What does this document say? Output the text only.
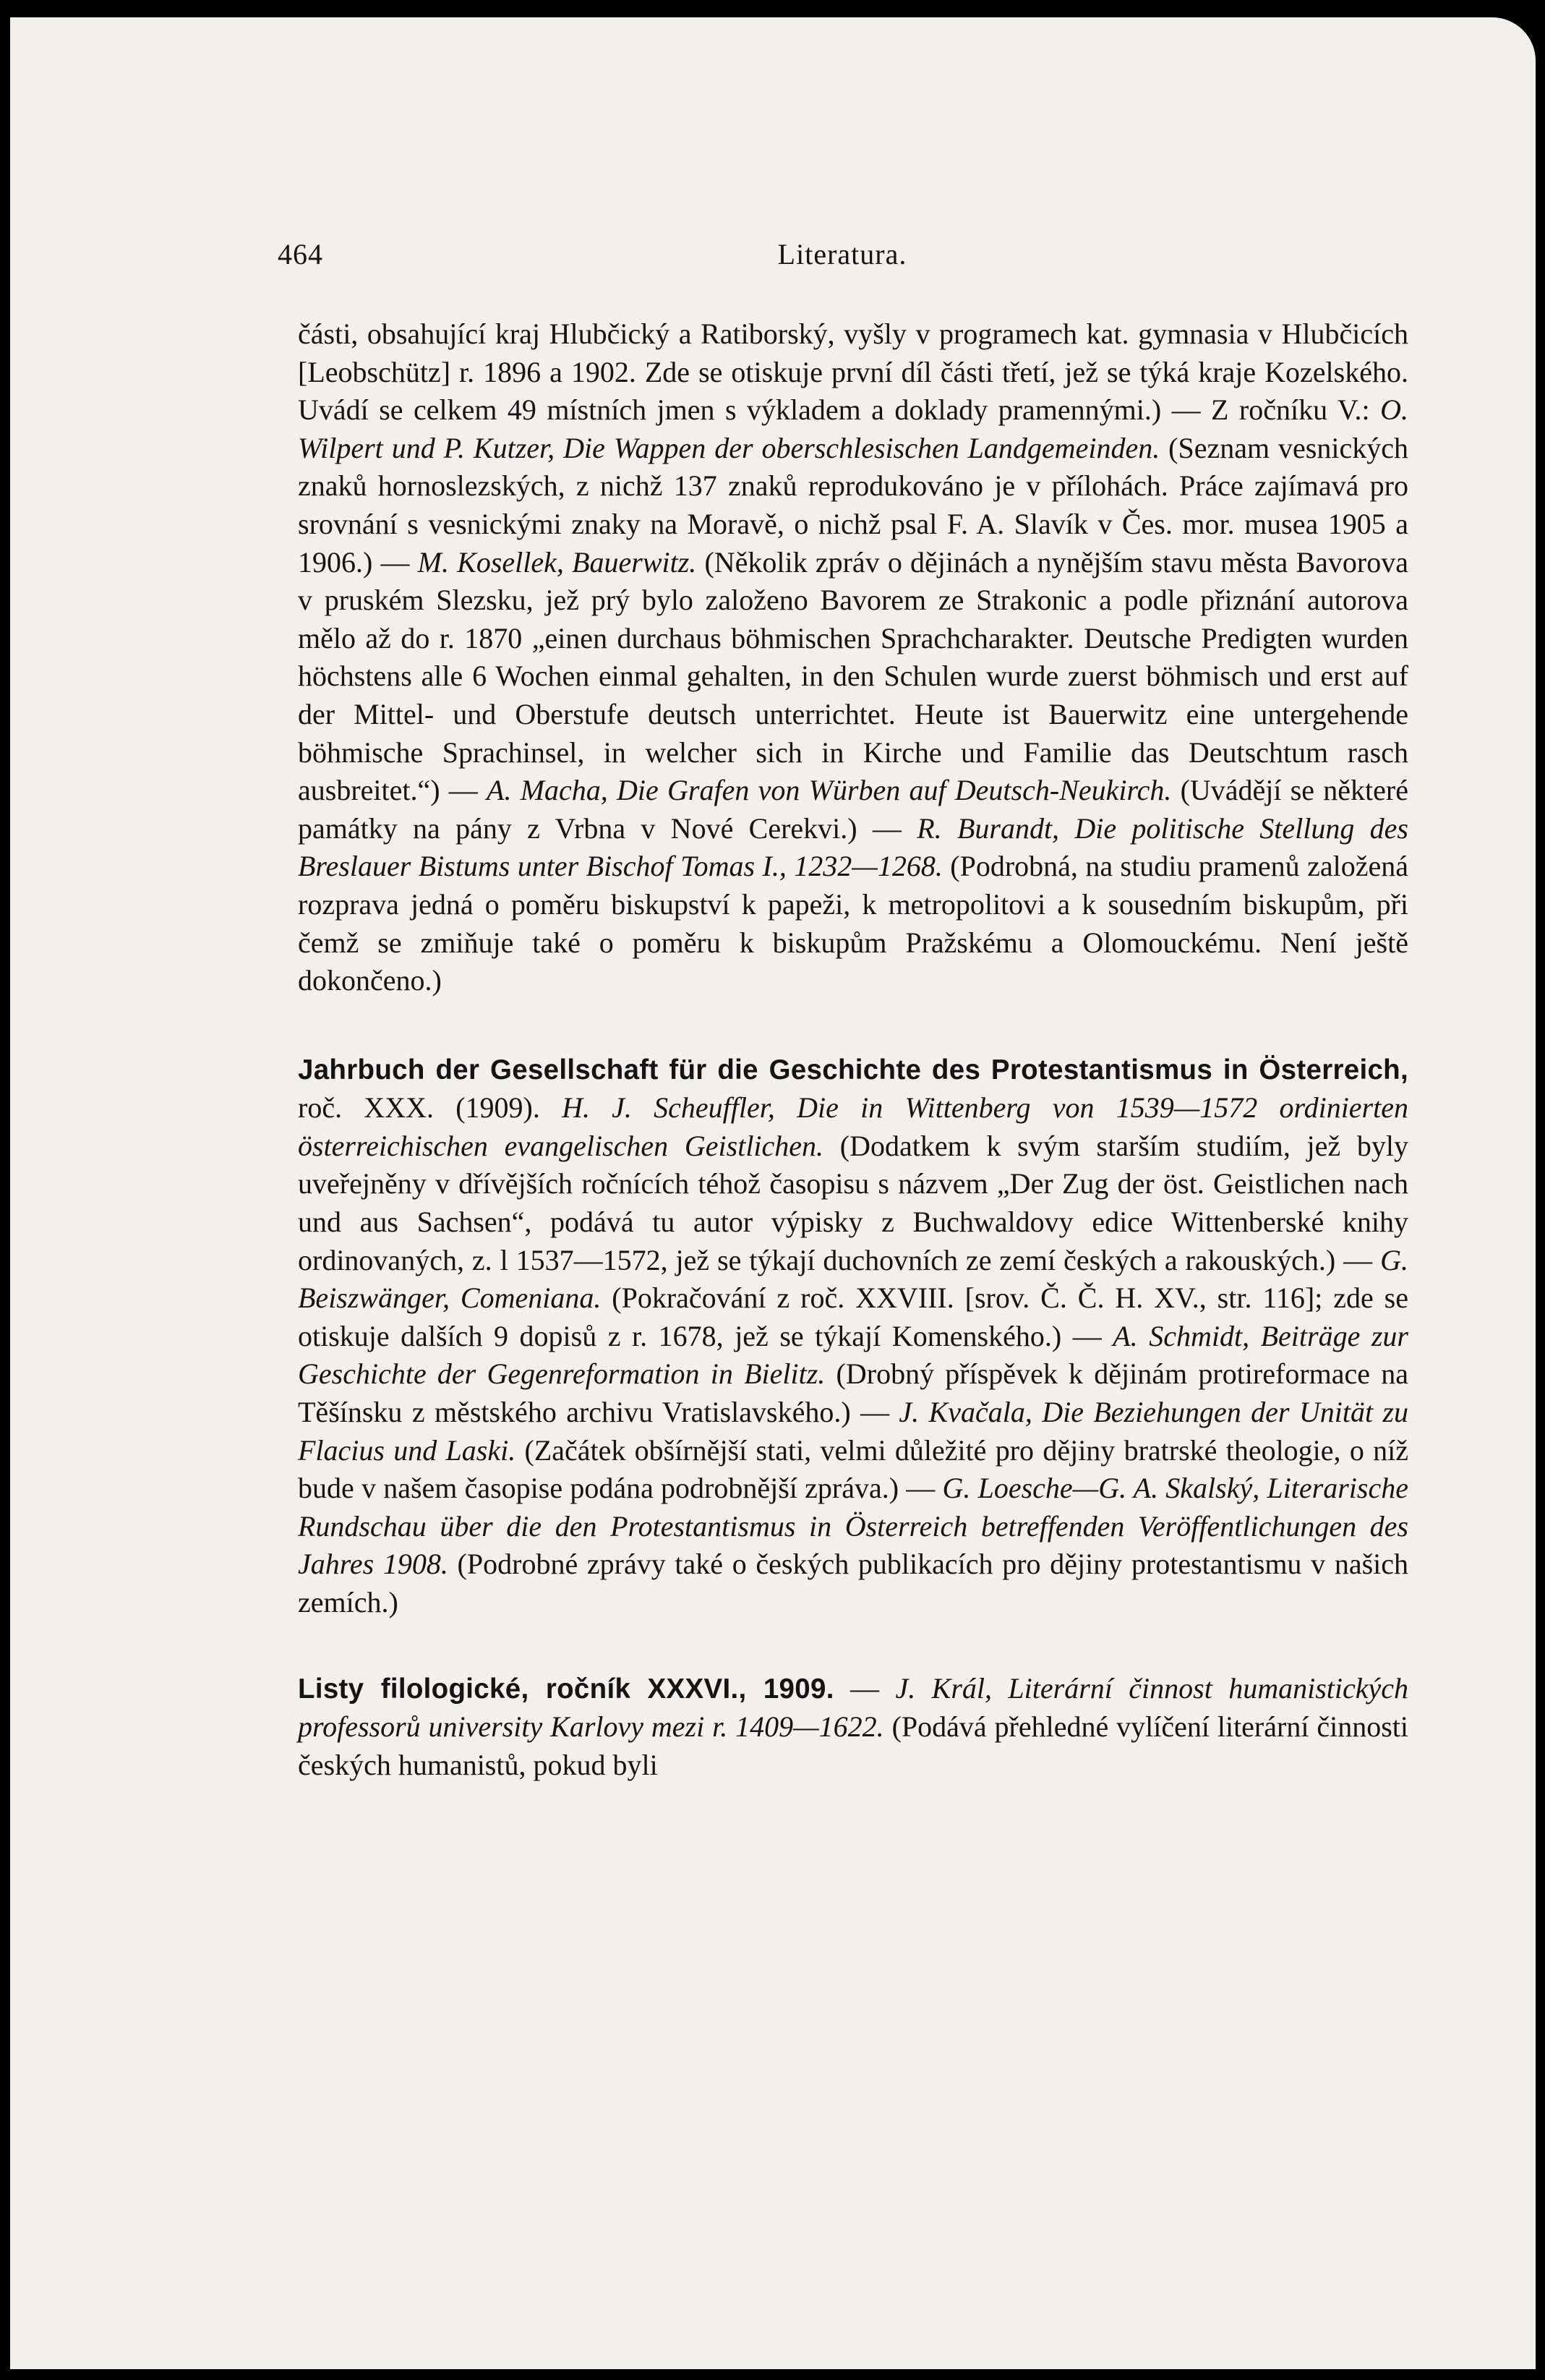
464	Literatura.

části, obsahující kraj Hlubčický a Ratiborský, vyšly v programech kat. gymnasia v Hlubčicích [Leobschütz] r. 1896 a 1902. Zde se otiskuje první díl části třetí, jež se týká kraje Kozelského. Uvádí se celkem 49 místních jmen s výkladem a doklady pramennými.) — Z ročníku V.: O. Wilpert und P. Kutzer, Die Wappen der oberschlesischen Landgemeinden. (Seznam vesnických znaků hornoslezských, z nichž 137 znaků reprodukováno je v přílohách. Práce zajímavá pro srovnání s vesnickými znaky na Moravě, o nichž psal F. A. Slavík v Čes. mor. musea 1905 a 1906.) — M. Kosellek, Bauerwitz. (Několik zpráv o dějinách a nynějším stavu města Bavorova v pruském Slezsku, jež prý bylo založeno Bavorem ze Strakonic a podle přiznání autorova mělo až do r. 1870 „einen durchaus böhmischen Sprachcharakter. Deutsche Predigten wurden höchstens alle 6 Wochen einmal gehalten, in den Schulen wurde zuerst böhmisch und erst auf der Mittel- und Oberstufe deutsch unterrichtet. Heute ist Bauerwitz eine untergehende böhmische Sprachinsel, in welcher sich in Kirche und Familie das Deutschtum rasch ausbreitet.“) — A. Macha, Die Grafen von Würben auf Deutsch-Neukirch. (Uvádějí se některé památky na pány z Vrbna v Nové Cerekvi.) — R. Burandt, Die politische Stellung des Breslauer Bistums unter Bischof Tomas I., 1232—1268. (Podrobná, na studiu pramenů založená rozprava jedná o poměru biskupství k papeži, k metropolitovi a k sousedním biskupům, při čemž se zmiňuje také o poměru k biskupům Pražskému a Olomouckému. Není ještě dokončeno.)

Jahrbuch der Gesellschaft für die Geschichte des Protestantismus in Österreich, roč. XXX. (1909). H. J. Scheuffler, Die in Wittenberg von 1539—1572 ordinierten österreichischen evangelischen Geistlichen. (Dodatkem k svým starším studiím, jež byly uveřejněny v dřívějších ročnících téhož časopisu s názvem „Der Zug der öst. Geistlichen nach und aus Sachsen“, podává tu autor výpisky z Buchwaldovy edice Wittenberské knihy ordinovaných, z. l 1537—1572, jež se týkají duchovních ze zemí českých a rakouských.) — G. Beiszwänger, Comeniana. (Pokračování z roč. XXVIII. [srov. Č. Č. H. XV., str. 116]; zde se otiskuje dalších 9 dopisů z r. 1678, jež se týkají Komenského.) — A. Schmidt, Beiträge zur Geschichte der Gegenreformation in Bielitz. (Drobný příspěvek k dějinám protireformace na Těšínsku z městského archivu Vratislavského.) — J. Kvačala, Die Beziehungen der Unität zu Flacius und Laski. (Začátek obšírnější stati, velmi důležité pro dějiny bratrské theologie, o níž bude v našem časopise podána podrobnější zpráva.) — G. Loesche—G. A. Skalský, Literarische Rundschau über die den Protestantismus in Österreich betreffenden Veröffentlichungen des Jahres 1908. (Podrobné zprávy také o českých publikacích pro dějiny protestantismu v našich zemích.)

Listy filologické, ročník XXXVI., 1909. — J. Král, Literární činnost humanistických professorů university Karlovy mezi r. 1409—1622. (Podává přehledné vylíčení literární činnosti českých humanistů, pokud byli
